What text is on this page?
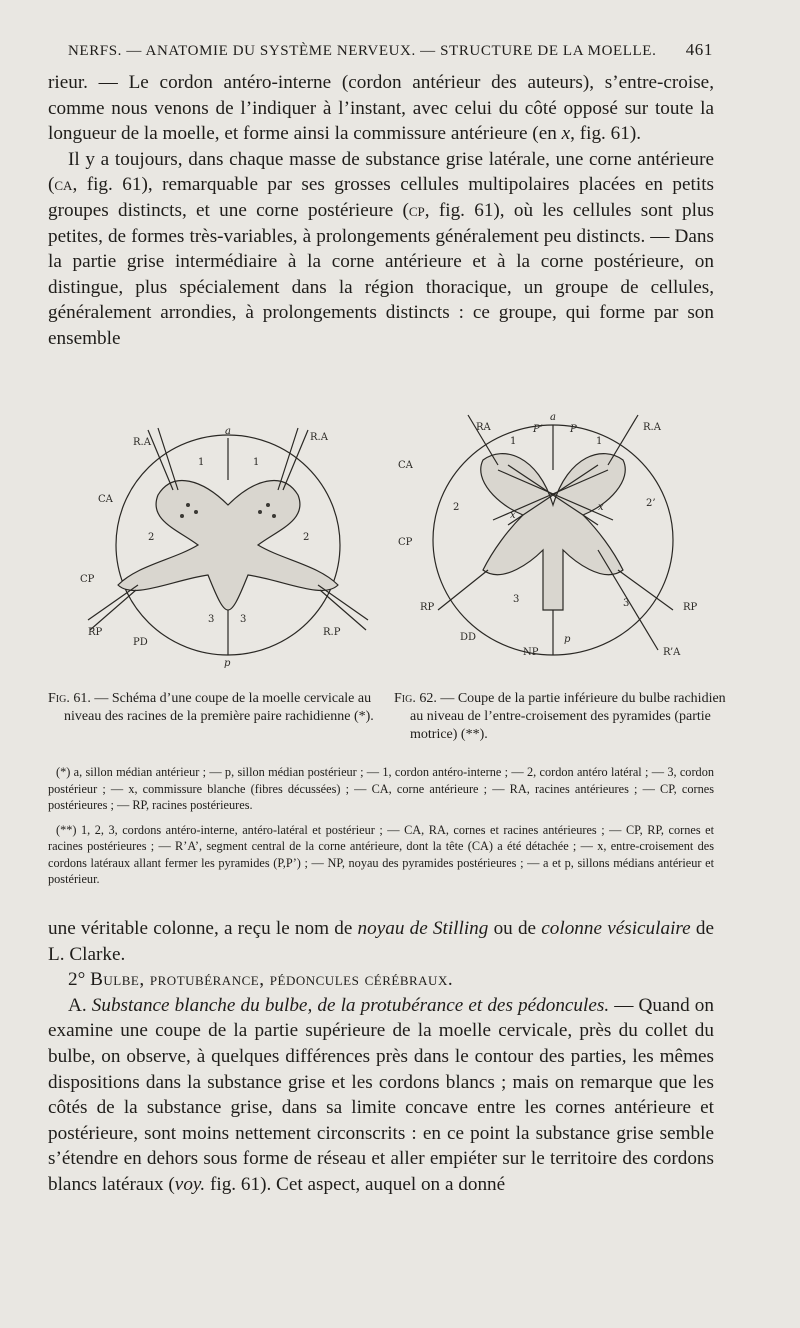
NERFS. — ANATOMIE DU SYSTÈME NERVEUX. — STRUCTURE DE LA MOELLE. 461

rieur. — Le cordon antéro-interne (cordon antérieur des auteurs), s’entre-croise, comme nous venons de l’indiquer à l’instant, avec celui du côté opposé sur toute la longueur de la moelle, et forme ainsi la commissure antérieure (en x, fig. 61).

Il y a toujours, dans chaque masse de substance grise latérale, une corne antérieure (ca, fig. 61), remarquable par ses grosses cellules multipolaires placées en petits groupes distincts, et une corne postérieure (cp, fig. 61), où les cellules sont plus petites, de formes très-variables, à prolongements généralement peu distincts. — Dans la partie grise intermédiaire à la corne antérieure et à la corne postérieure, on distingue, plus spécialement dans la région thoracique, un groupe de cellules, généralement arrondies, à prolongements distincts : ce groupe, qui forme par son ensemble

a
1	1
R.A	R.A
CA
2	2
CP
3	3
RP	R.P
PD
p
RA	R.A
a
P’	P
1	1
CA
2	2’
x
x
CP
RP	RP
3	3
DD
NP
p
R’A
Fig. 61. — Schéma d’une coupe de la moelle cervicale au niveau des racines de la première paire rachidienne (*).
Fig. 62. — Coupe de la partie inférieure du bulbe rachidien au niveau de l’entre-croisement des pyramides (partie motrice) (**).

(*) a, sillon médian antérieur ; — p, sillon médian postérieur ; — 1, cordon antéro-interne ; — 2, cordon antéro latéral ; — 3, cordon postérieur ; — x, commissure blanche (fibres décussées) ; — CA, corne antérieure ; — RA, racines antérieures ; — CP, cornes postérieures ; — RP, racines postérieures.

(**) 1, 2, 3, cordons antéro-interne, antéro-latéral et postérieur ; — CA, RA, cornes et racines antérieures ; — CP, RP, cornes et racines postérieures ; — R’A’, segment central de la corne antérieure, dont la tête (CA) a été détachée ; — x, entre-croisement des cordons latéraux allant fermer les pyramides (P,P’) ; — NP, noyau des pyramides postérieures ; — a et p, sillons médians antérieur et postérieur.

une véritable colonne, a reçu le nom de noyau de Stilling ou de colonne vésiculaire de L. Clarke.

2° Bulbe, protubérance, pédoncules cérébraux.

A. Substance blanche du bulbe, de la protubérance et des pédoncules. — Quand on examine une coupe de la partie supérieure de la moelle cervicale, près du collet du bulbe, on observe, à quelques différences près dans le contour des parties, les mêmes dispositions dans la substance grise et les cordons blancs ; mais on remarque que les côtés de la substance grise, dans sa limite concave entre les cornes antérieure et postérieure, sont moins nettement circonscrits : en ce point la substance grise semble s’étendre en dehors sous forme de réseau et aller empiéter sur le territoire des cordons blancs latéraux (voy. fig. 61). Cet aspect, auquel on a donné
